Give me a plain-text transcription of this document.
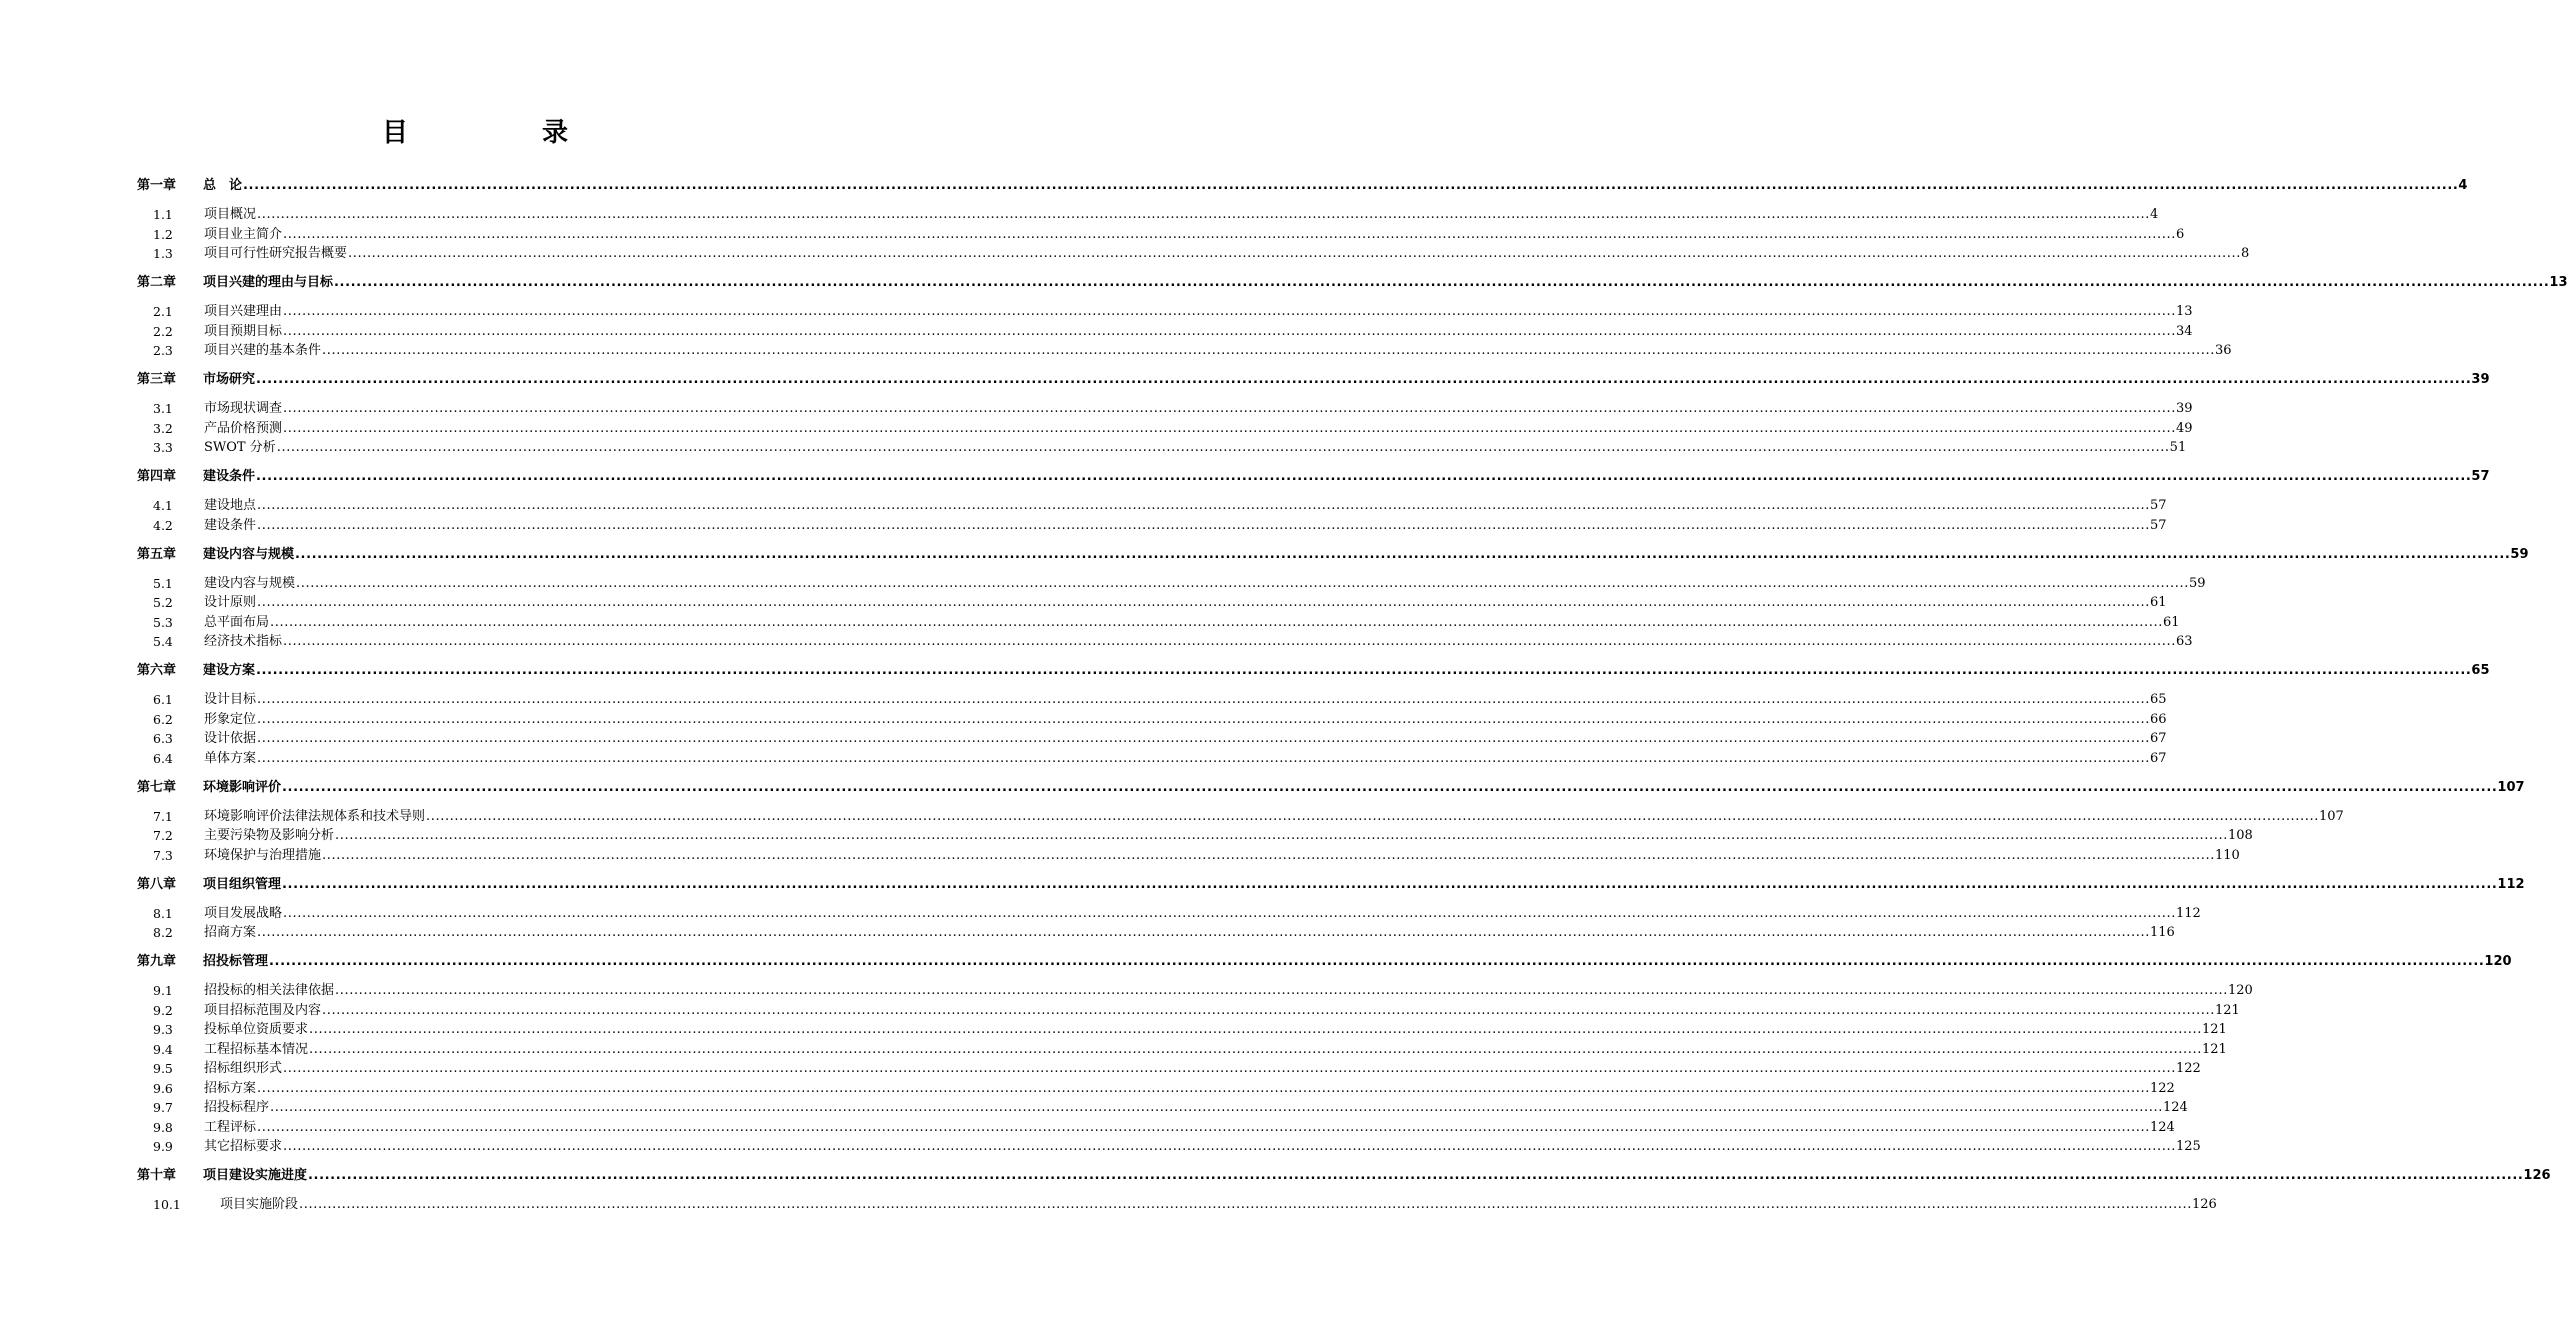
目　录
第一章 总　论 ................................................................................................................................................................................................................................................................................................................................................................................................................ 4
1.1 项目概况 ................................................................................................................................................................................................................................................................................................................................................................................................................ 4
1.2 项目业主简介 ................................................................................................................................................................................................................................................................................................................................................................................................................ 6
1.3 项目可行性研究报告概要 ................................................................................................................................................................................................................................................................................................................................................................................................................ 8
第二章 项目兴建的理由与目标 ................................................................................................................................................................................................................................................................................................................................................................................................................ 13
2.1 项目兴建理由 ................................................................................................................................................................................................................................................................................................................................................................................................................ 13
2.2 项目预期目标 ................................................................................................................................................................................................................................................................................................................................................................................................................ 34
2.3 项目兴建的基本条件 ................................................................................................................................................................................................................................................................................................................................................................................................................ 36
第三章 市场研究 ................................................................................................................................................................................................................................................................................................................................................................................................................ 39
3.1 市场现状调查 ................................................................................................................................................................................................................................................................................................................................................................................................................ 39
3.2 产品价格预测 ................................................................................................................................................................................................................................................................................................................................................................................................................ 49
3.3 SWOT 分析 ................................................................................................................................................................................................................................................................................................................................................................................................................ 51
第四章 建设条件 ................................................................................................................................................................................................................................................................................................................................................................................................................ 57
4.1 建设地点 ................................................................................................................................................................................................................................................................................................................................................................................................................ 57
4.2 建设条件 ................................................................................................................................................................................................................................................................................................................................................................................................................ 57
第五章 建设内容与规模 ................................................................................................................................................................................................................................................................................................................................................................................................................ 59
5.1 建设内容与规模 ................................................................................................................................................................................................................................................................................................................................................................................................................ 59
5.2 设计原则 ................................................................................................................................................................................................................................................................................................................................................................................................................ 61
5.3 总平面布局 ................................................................................................................................................................................................................................................................................................................................................................................................................ 61
5.4 经济技术指标 ................................................................................................................................................................................................................................................................................................................................................................................................................ 63
第六章 建设方案 ................................................................................................................................................................................................................................................................................................................................................................................................................ 65
6.1 设计目标 ................................................................................................................................................................................................................................................................................................................................................................................................................ 65
6.2 形象定位 ................................................................................................................................................................................................................................................................................................................................................................................................................ 66
6.3 设计依据 ................................................................................................................................................................................................................................................................................................................................................................................................................ 67
6.4 单体方案 ................................................................................................................................................................................................................................................................................................................................................................................................................ 67
第七章 环境影响评价 ................................................................................................................................................................................................................................................................................................................................................................................................................ 107
7.1 环境影响评价法律法规体系和技术导则 ................................................................................................................................................................................................................................................................................................................................................................................................................ 107
7.2 主要污染物及影响分析 ................................................................................................................................................................................................................................................................................................................................................................................................................ 108
7.3 环境保护与治理措施 ................................................................................................................................................................................................................................................................................................................................................................................................................ 110
第八章 项目组织管理 ................................................................................................................................................................................................................................................................................................................................................................................................................ 112
8.1 项目发展战略 ................................................................................................................................................................................................................................................................................................................................................................................................................ 112
8.2 招商方案 ................................................................................................................................................................................................................................................................................................................................................................................................................ 116
第九章 招投标管理 ................................................................................................................................................................................................................................................................................................................................................................................................................ 120
9.1 招投标的相关法律依据 ................................................................................................................................................................................................................................................................................................................................................................................................................ 120
9.2 项目招标范围及内容 ................................................................................................................................................................................................................................................................................................................................................................................................................ 121
9.3 投标单位资质要求 ................................................................................................................................................................................................................................................................................................................................................................................................................ 121
9.4 工程招标基本情况 ................................................................................................................................................................................................................................................................................................................................................................................................................ 121
9.5 招标组织形式 ................................................................................................................................................................................................................................................................................................................................................................................................................ 122
9.6 招标方案 ................................................................................................................................................................................................................................................................................................................................................................................................................ 122
9.7 招投标程序 ................................................................................................................................................................................................................................................................................................................................................................................................................ 124
9.8 工程评标 ................................................................................................................................................................................................................................................................................................................................................................................................................ 124
9.9 其它招标要求 ................................................................................................................................................................................................................................................................................................................................................................................................................ 125
第十章 项目建设实施进度 ................................................................................................................................................................................................................................................................................................................................................................................................................ 126
10.1	项目实施阶段 ................................................................................................................................................................................................................................................................................................................................................................................................................ 126
